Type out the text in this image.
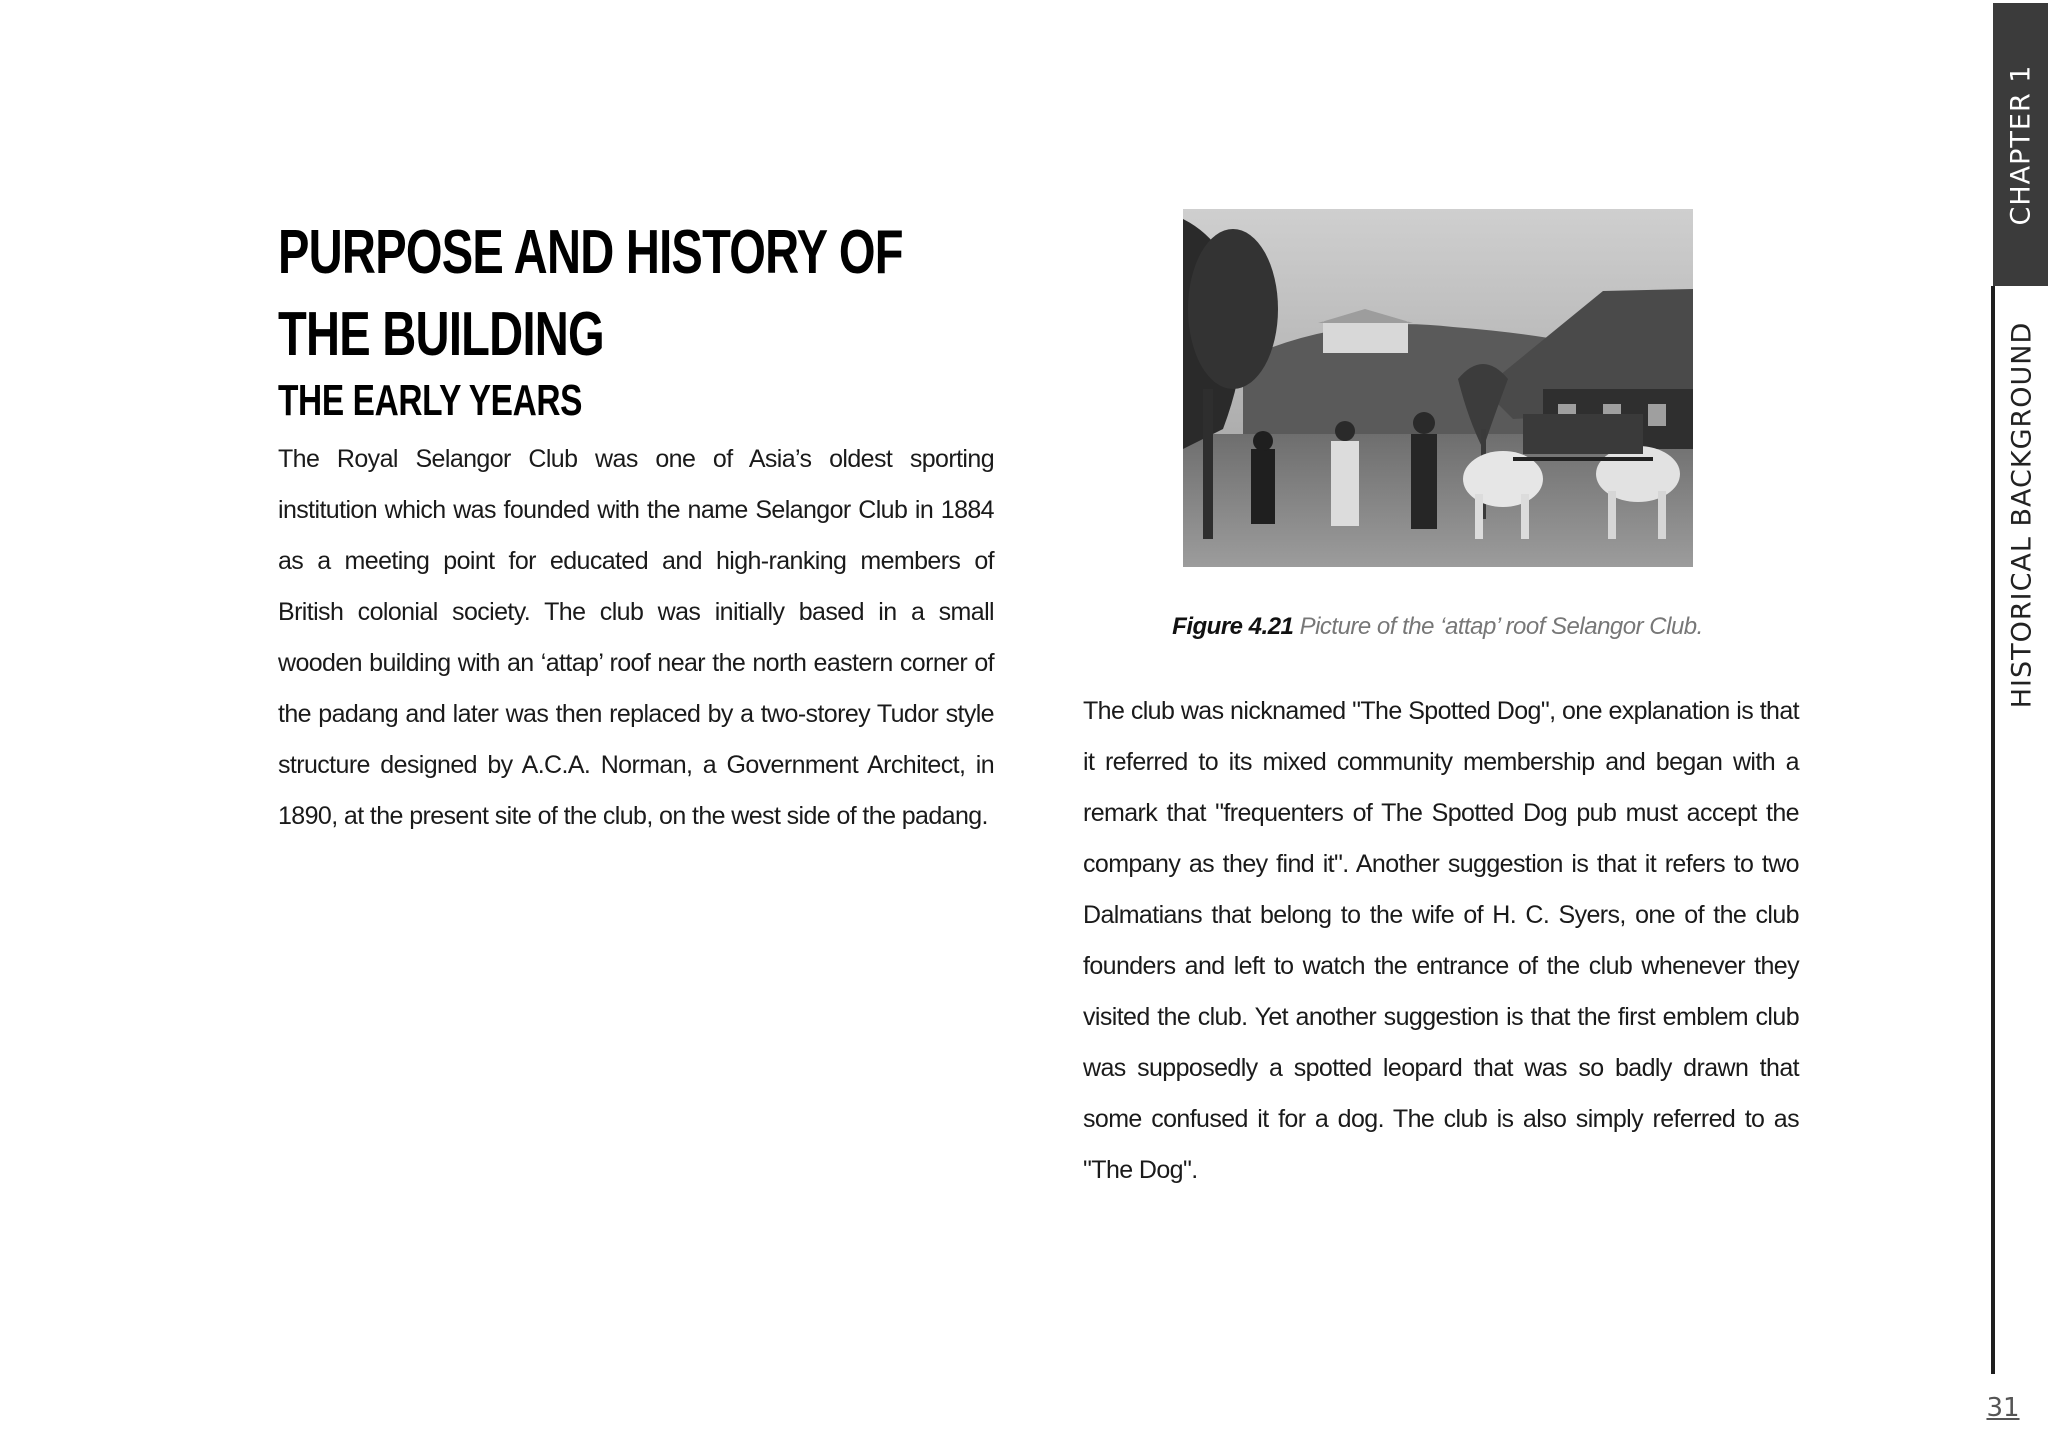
PURPOSE AND HISTORY OF THE BUILDING
THE EARLY YEARS

The Royal Selangor Club was one of Asia’s oldest sporting institution which was founded with the name Selangor Club in 1884 as a meeting point for educated and high-ranking members of British colonial society. The club was initially based in a small wooden building with an ‘attap’ roof near the north eastern corner of the padang and later was then replaced by a two-storey Tudor style structure designed by A.C.A. Norman, a Government Architect, in 1890, at the present site of the club, on the west side of the padang.

Figure 4.21 Picture of the ‘attap’ roof Selangor Club.

The club was nicknamed "The Spotted Dog", one explanation is that it referred to its mixed community membership and began with a remark that "frequenters of The Spotted Dog pub must accept the company as they find it". Another suggestion is that it refers to two Dalmatians that belong to the wife of H. C. Syers, one of the club founders and left to watch the entrance of the club whenever they visited the club. Yet another suggestion is that the first emblem club was supposedly a spotted leopard that was so badly drawn that some confused it for a dog. The club is also simply referred to as "The Dog".

CHAPTER 1
HISTORICAL BACKGROUND
31
